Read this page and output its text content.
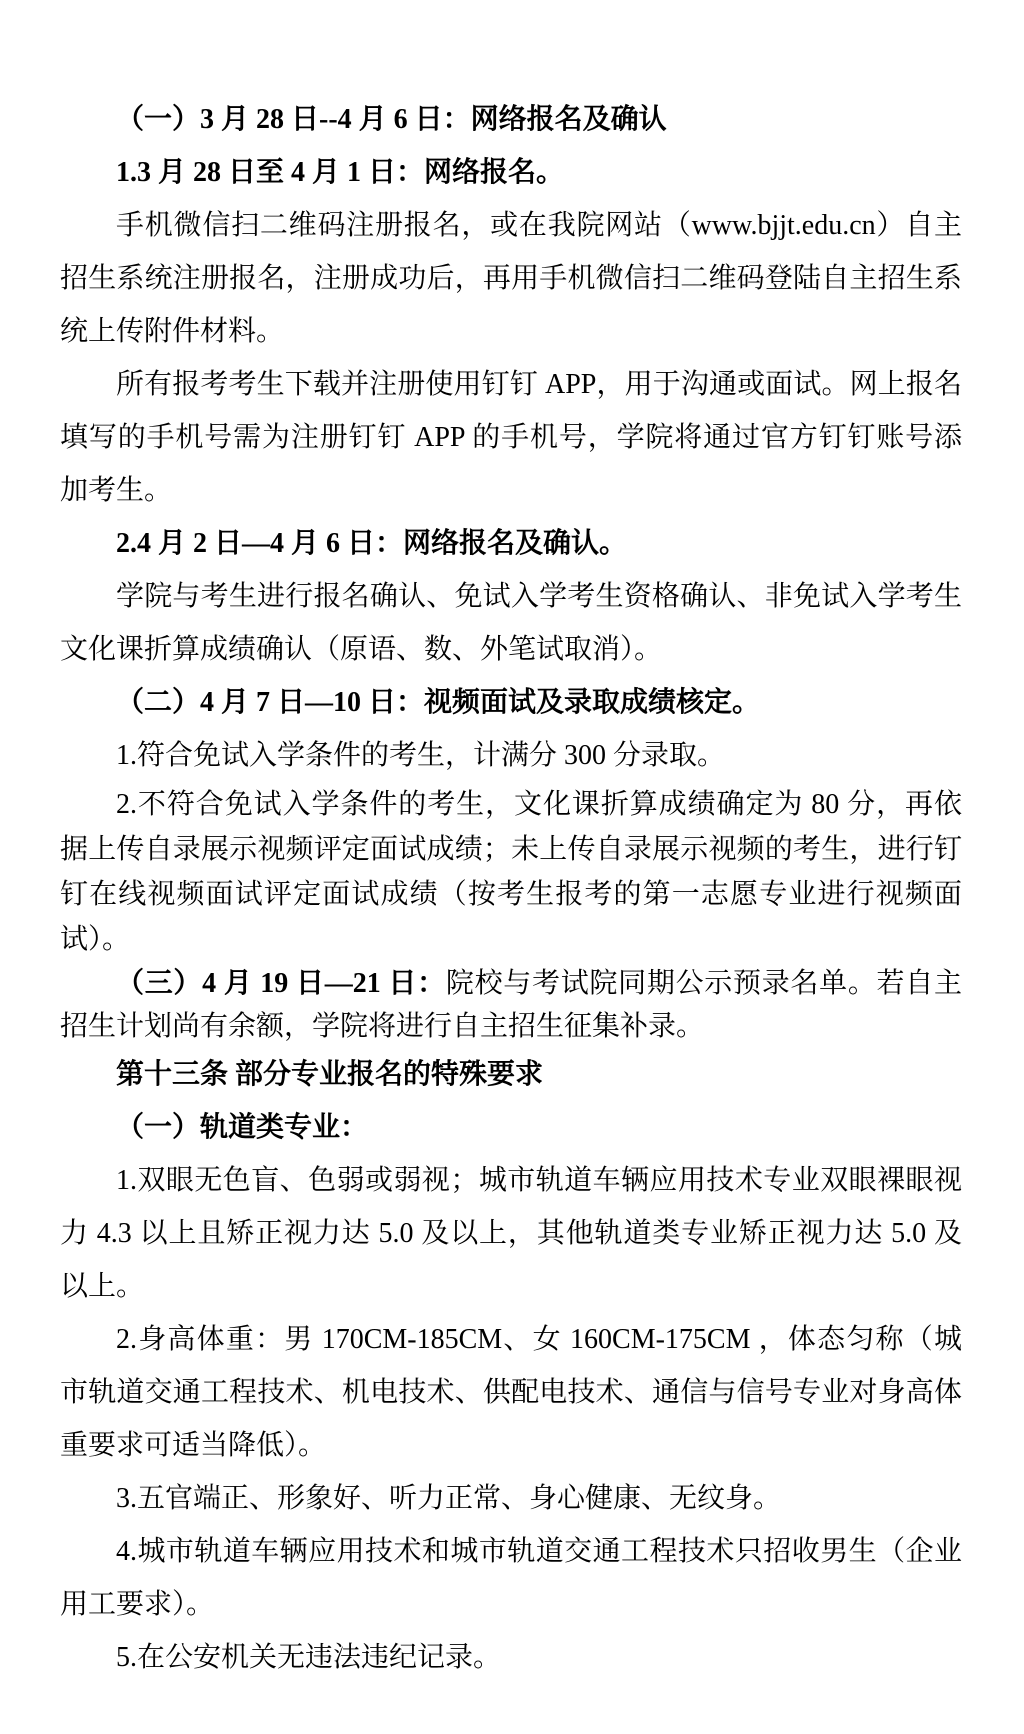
（一）3 月 28 日--4 月 6 日：网络报名及确认

1.3 月 28 日至 4 月 1 日：网络报名。

手机微信扫二维码注册报名，或在我院网站（www.bjjt.edu.cn）自主招生系统注册报名，注册成功后，再用手机微信扫二维码登陆自主招生系统上传附件材料。

所有报考考生下载并注册使用钉钉 APP，用于沟通或面试。网上报名填写的手机号需为注册钉钉 APP 的手机号，学院将通过官方钉钉账号添加考生。

2.4 月 2 日—4 月 6 日：网络报名及确认。

学院与考生进行报名确认、免试入学考生资格确认、非免试入学考生文化课折算成绩确认（原语、数、外笔试取消）。

（二）4 月 7 日—10 日：视频面试及录取成绩核定。

1.符合免试入学条件的考生，计满分 300 分录取。

2.不符合免试入学条件的考生，文化课折算成绩确定为 80 分，再依据上传自录展示视频评定面试成绩；未上传自录展示视频的考生，进行钉钉在线视频面试评定面试成绩（按考生报考的第一志愿专业进行视频面试）。

（三）4 月 19 日—21 日：院校与考试院同期公示预录名单。若自主招生计划尚有余额，学院将进行自主招生征集补录。

第十三条 部分专业报名的特殊要求

（一）轨道类专业：

1.双眼无色盲、色弱或弱视；城市轨道车辆应用技术专业双眼裸眼视力 4.3 以上且矫正视力达 5.0 及以上，其他轨道类专业矫正视力达 5.0 及以上。

2.身高体重：男 170CM-185CM、女 160CM-175CM ，体态匀称（城市轨道交通工程技术、机电技术、供配电技术、通信与信号专业对身高体重要求可适当降低）。

3.五官端正、形象好、听力正常、身心健康、无纹身。

4.城市轨道车辆应用技术和城市轨道交通工程技术只招收男生（企业用工要求）。

5.在公安机关无违法违纪记录。
